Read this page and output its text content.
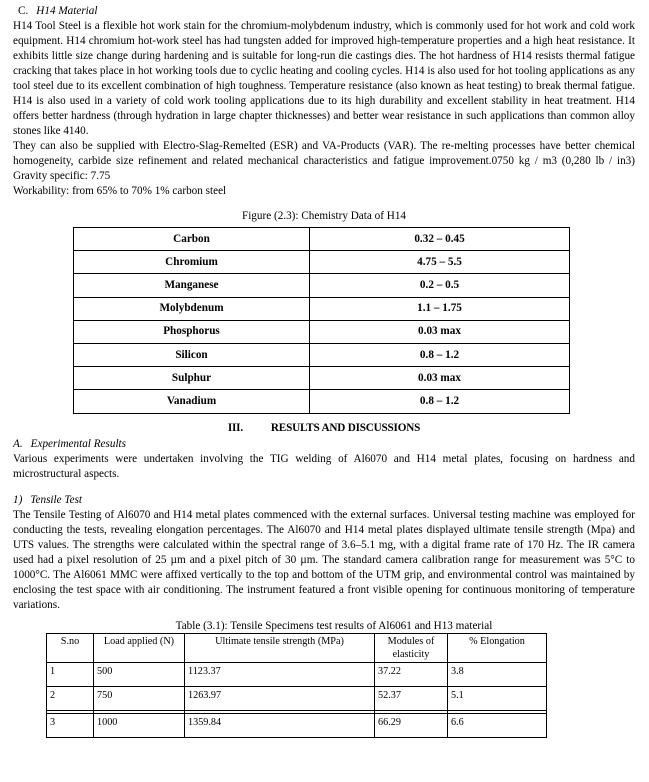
C. H14 Material

H14 Tool Steel is a flexible hot work stain for the chromium-molybdenum industry, which is commonly used for hot work and cold work equipment. H14 chromium hot-work steel has had tungsten added for improved high-temperature properties and a high heat resistance. It exhibits little size change during hardening and is suitable for long-run die castings dies. The hot hardness of H14 resists thermal fatigue cracking that takes place in hot working tools due to cyclic heating and cooling cycles. H14 is also used for hot tooling applications as any tool steel due to its excellent combination of high toughness. Temperature resistance (also known as heat testing) to break thermal fatigue. H14 is also used in a variety of cold work tooling applications due to its high durability and excellent stability in heat treatment. H14 offers better hardness (through hydration in large chapter thicknesses) and better wear resistance in such applications than common alloy stones like 4140.

They can also be supplied with Electro-Slag-Remelted (ESR) and VA-Products (VAR). The re-melting processes have better chemical homogeneity, carbide size refinement and related mechanical characteristics and fatigue improvement.0750 kg / m3 (0,280 lb / in3) Gravity specific: 7.75

Workability: from 65% to 70% 1% carbon steel

Figure (2.3): Chemistry Data of H14
Carbon	0.32 – 0.45
Chromium	4.75 – 5.5
Manganese	0.2 – 0.5
Molybdenum	1.1 – 1.75
Phosphorus	0.03 max
Silicon	0.8 – 1.2
Sulphur	0.03 max
Vanadium	0.8 – 1.2
III.	RESULTS AND DISCUSSIONS
A. Experimental Results

Various experiments were undertaken involving the TIG welding of Al6070 and H14 metal plates, focusing on hardness and microstructural aspects.

1) Tensile Test

The Tensile Testing of Al6070 and H14 metal plates commenced with the external surfaces. Universal testing machine was employed for conducting the tests, revealing elongation percentages. The Al6070 and H14 metal plates displayed ultimate tensile strength (Mpa) and UTS values. The strengths were calculated within the spectral range of 3.6–5.1 mg, with a digital frame rate of 170 Hz. The IR camera used had a pixel resolution of 25 µm and a pixel pitch of 30 µm. The standard camera calibration range for measurement was 5°C to 1000°C. The Al6061 MMC were affixed vertically to the top and bottom of the UTM grip, and environmental control was maintained by enclosing the test space with air conditioning. The instrument featured a front visible opening for continuous monitoring of temperature variations.

Table (3.1): Tensile Specimens test results of Al6061 and H13 material
S.no	Load applied (N)	Ultimate tensile strength (MPa)	Modules of elasticity	% Elongation
1	500	1123.37	37.22	3.8
2	750	1263.97	52.37	5.1

3	1000	1359.84	66.29	6.6
